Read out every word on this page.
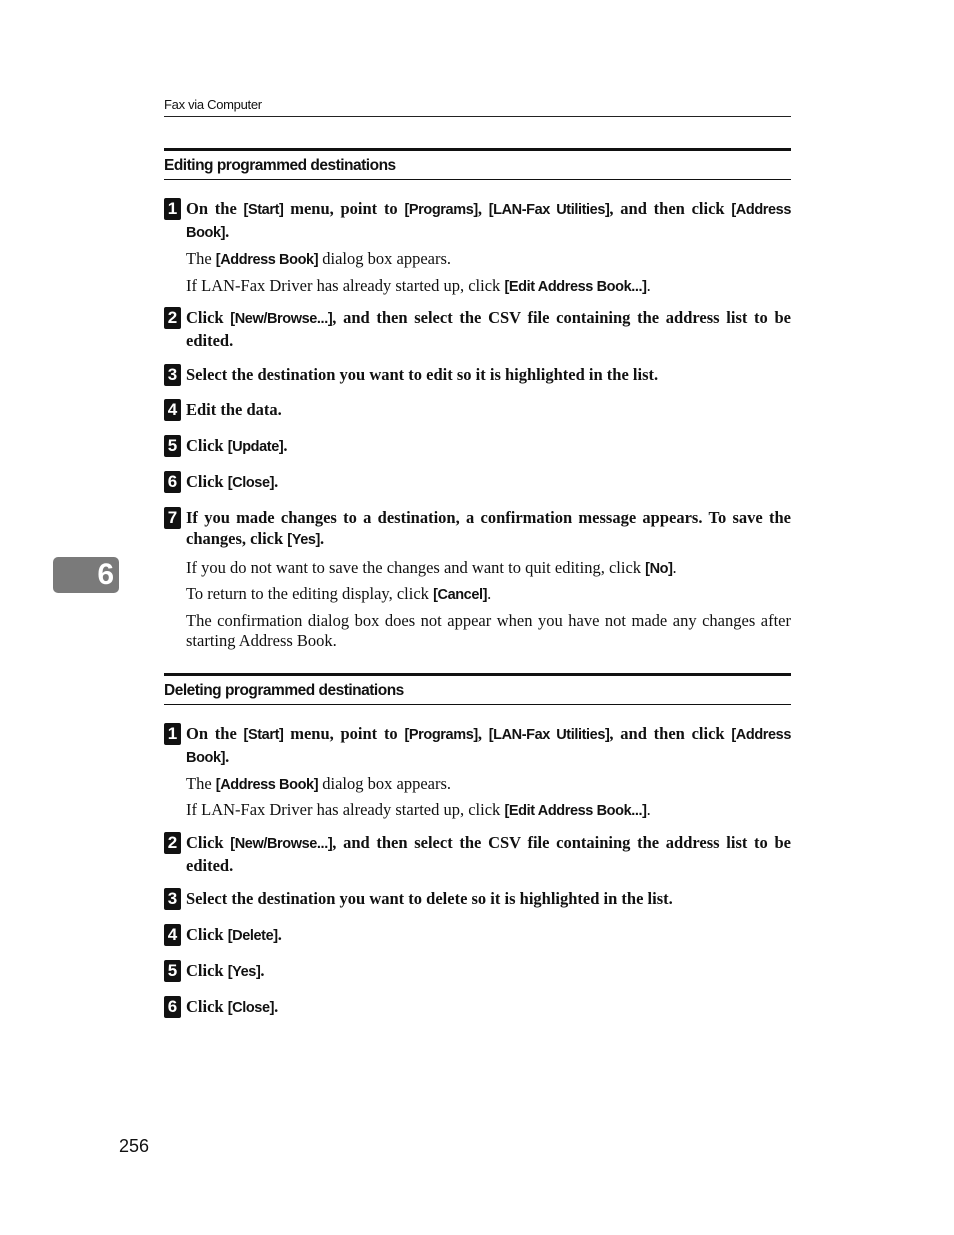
Fax via Computer
Editing programmed destinations
1 On the [Start] menu, point to [Programs], [LAN-Fax Utilities], and then click [Address Book].
The [Address Book] dialog box appears.
If LAN-Fax Driver has already started up, click [Edit Address Book...].
2 Click [New/Browse...], and then select the CSV file containing the address list to be edited.
3 Select the destination you want to edit so it is highlighted in the list.
4 Edit the data.
5 Click [Update].
6 Click [Close].
7 If you made changes to a destination, a confirmation message appears. To save the changes, click [Yes].
If you do not want to save the changes and want to quit editing, click [No].
To return to the editing display, click [Cancel].
The confirmation dialog box does not appear when you have not made any changes after starting Address Book.
Deleting programmed destinations
1 On the [Start] menu, point to [Programs], [LAN-Fax Utilities], and then click [Address Book].
The [Address Book] dialog box appears.
If LAN-Fax Driver has already started up, click [Edit Address Book...].
2 Click [New/Browse...], and then select the CSV file containing the address list to be edited.
3 Select the destination you want to delete so it is highlighted in the list.
4 Click [Delete].
5 Click [Yes].
6 Click [Close].
6
256
